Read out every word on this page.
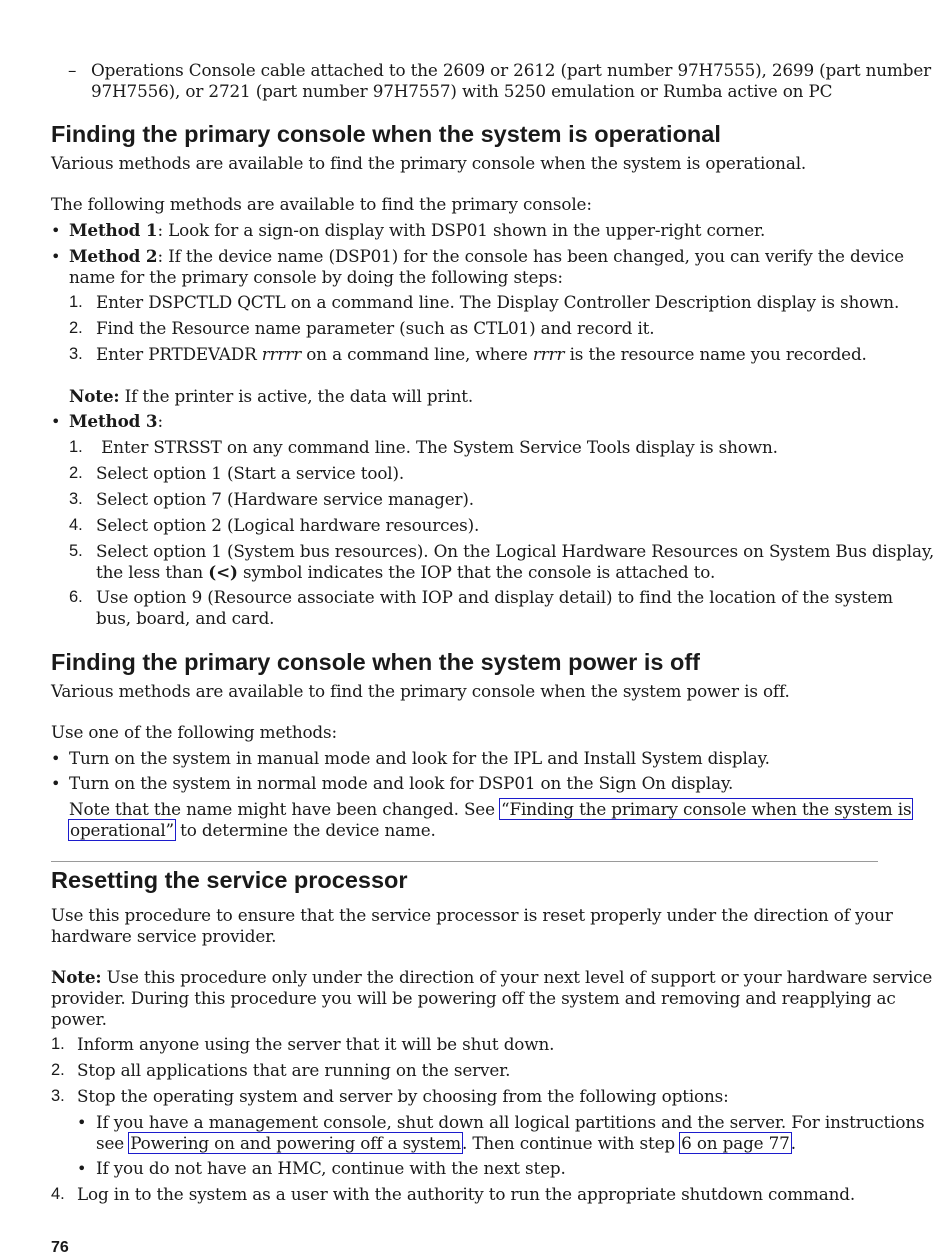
– Operations Console cable attached to the 2609 or 2612 (part number 97H7555), 2699 (part number
97H7556), or 2721 (part number 97H7557) with 5250 emulation or Rumba active on PC
Finding the primary console when the system is operational
Various methods are available to find the primary console when the system is operational.
The following methods are available to find the primary console:
• Method 1: Look for a sign-on display with DSP01 shown in the upper-right corner.
• Method 2: If the device name (DSP01) for the console has been changed, you can verify the device
name for the primary console by doing the following steps:
1. Enter DSPCTLD QCTL on a command line. The Display Controller Description display is shown.
2. Find the Resource name parameter (such as CTL01) and record it.
3. Enter PRTDEVADR rrrrr on a command line, where rrrr is the resource name you recorded.
Note: If the printer is active, the data will print.
• Method 3:
1. Enter STRSST on any command line. The System Service Tools display is shown.
2. Select option 1 (Start a service tool).
3. Select option 7 (Hardware service manager).
4. Select option 2 (Logical hardware resources).
5. Select option 1 (System bus resources). On the Logical Hardware Resources on System Bus display,
the less than (<) symbol indicates the IOP that the console is attached to.
6. Use option 9 (Resource associate with IOP and display detail) to find the location of the system
bus, board, and card.
Finding the primary console when the system power is off
Various methods are available to find the primary console when the system power is off.
Use one of the following methods:
• Turn on the system in manual mode and look for the IPL and Install System display.
• Turn on the system in normal mode and look for DSP01 on the Sign On display.
Note that the name might have been changed. See “Finding the primary console when the system is
operational” to determine the device name.
Resetting the service processor
Use this procedure to ensure that the service processor is reset properly under the direction of your
hardware service provider.
Note: Use this procedure only under the direction of your next level of support or your hardware service
provider. During this procedure you will be powering off the system and removing and reapplying ac
power.
1. Inform anyone using the server that it will be shut down.
2. Stop all applications that are running on the server.
3. Stop the operating system and server by choosing from the following options:
• If you have a management console, shut down all logical partitions and the server. For instructions
see Powering on and powering off a system. Then continue with step 6 on page 77.
• If you do not have an HMC, continue with the next step.
4. Log in to the system as a user with the authority to run the appropriate shutdown command.
76
